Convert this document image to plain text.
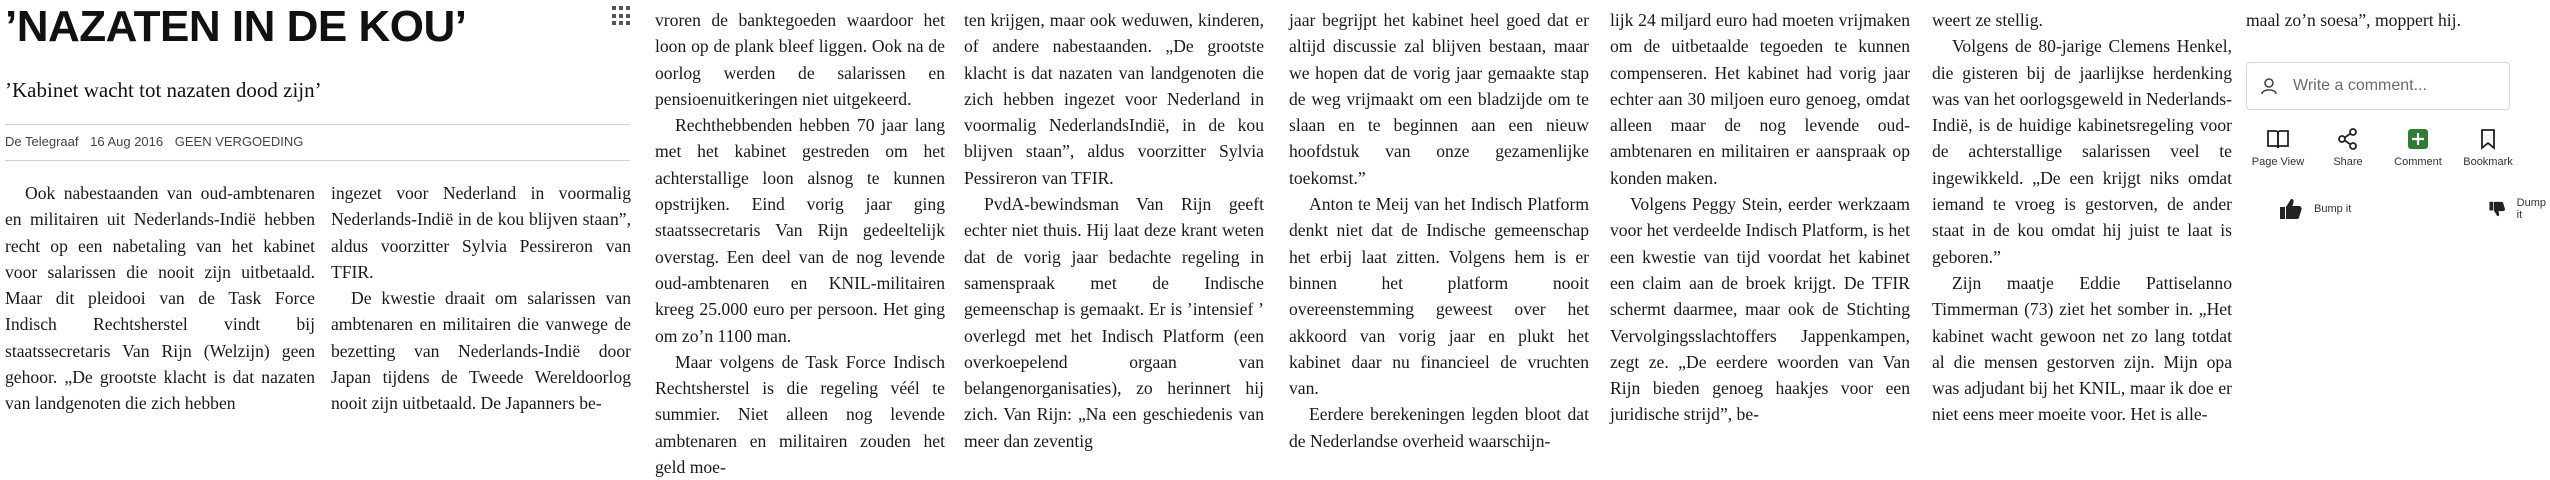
’NAZATEN IN DE KOU’
’Kabinet wacht tot nazaten dood zijn’
De Telegraaf 16 Aug 2016 GEEN VERGOEDING

Ook nabestaanden van oud-ambtenaren en militairen uit Nederlands-Indië hebben recht op een nabetaling van het kabinet voor salarissen die nooit zijn uitbetaald. Maar dit pleidooi van de Task Force Indisch Rechtsherstel vindt bij staatssecretaris Van Rijn (Welzijn) geen gehoor. „De grootste klacht is dat nazaten van landgenoten die zich hebben

ingezet voor Nederland in voormalig Nederlands-Indië in de kou blijven staan”, aldus voorzitter Sylvia Pessireron van TFIR.

De kwestie draait om salarissen van ambtenaren en militairen die vanwege de bezetting van Nederlands-Indië door Japan tijdens de Tweede Wereldoorlog nooit zijn uitbetaald. De Japanners be-

vroren de banktegoeden waardoor het loon op de plank bleef liggen. Ook na de oorlog werden de salarissen en pensioenuitkeringen niet uitgekeerd.

Rechthebbenden hebben 70 jaar lang met het kabinet gestreden om het achterstallige loon alsnog te kunnen opstrijken. Eind vorig jaar ging staatssecretaris Van Rijn gedeeltelijk overstag. Een deel van de nog levende oud-ambtenaren en KNIL-militairen kreeg 25.000 euro per persoon. Het ging om zo’n 1100 man.

Maar volgens de Task Force Indisch Rechtsherstel is die regeling véél te summier. Niet alleen nog levende ambtenaren en militairen zouden het geld moe-

ten krijgen, maar ook weduwen, kinderen, of andere nabestaanden. „De grootste klacht is dat nazaten van landgenoten die zich hebben ingezet voor Nederland in voormalig NederlandsIndië, in de kou blijven staan”, aldus voorzitter Sylvia Pessireron van TFIR.

PvdA-bewindsman Van Rijn geeft echter niet thuis. Hij laat deze krant weten dat de vorig jaar bedachte regeling in samenspraak met de Indische gemeenschap is gemaakt. Er is ’intensief ’ overlegd met het Indisch Platform (een overkoepelend orgaan van belangenorganisaties), zo herinnert hij zich. Van Rijn: „Na een geschiedenis van meer dan zeventig

jaar begrijpt het kabinet heel goed dat er altijd discussie zal blijven bestaan, maar we hopen dat de vorig jaar gemaakte stap de weg vrijmaakt om een bladzijde om te slaan en te beginnen aan een nieuw hoofdstuk van onze gezamenlijke toekomst.”

Anton te Meij van het Indisch Platform denkt niet dat de Indische gemeenschap het erbij laat zitten. Volgens hem is er binnen het platform nooit overeenstemming geweest over het akkoord van vorig jaar en plukt het kabinet daar nu financieel de vruchten van.

Eerdere berekeningen legden bloot dat de Nederlandse overheid waarschijn-

lijk 24 miljard euro had moeten vrijmaken om de uitbetaalde tegoeden te kunnen compenseren. Het kabinet had vorig jaar echter aan 30 miljoen euro genoeg, omdat alleen maar de nog levende oud-ambtenaren en militairen er aanspraak op konden maken.

Volgens Peggy Stein, eerder werkzaam voor het verdeelde Indisch Platform, is het een kwestie van tijd voordat het kabinet een claim aan de broek krijgt. De TFIR schermt daarmee, maar ook de Stichting Vervolgingsslachtoffers Jappenkampen, zegt ze. „De eerdere woorden van Van Rijn bieden genoeg haakjes voor een juridische strijd”, be-

weert ze stellig.

Volgens de 80-jarige Clemens Henkel, die gisteren bij de jaarlijkse herdenking was van het oorlogsgeweld in Nederlands-Indië, is de huidige kabinetsregeling voor de achterstallige salarissen veel te ingewikkeld. „De een krijgt niks omdat iemand te vroeg is gestorven, de ander staat in de kou omdat hij juist te laat is geboren.”

Zijn maatje Eddie Pattiselanno Timmerman (73) ziet het somber in. „Het kabinet wacht gewoon net zo lang totdat al die mensen gestorven zijn. Mijn opa was adjudant bij het KNIL, maar ik doe er niet eens meer moeite voor. Het is alle-

maal zo’n soesa”, moppert hij.
Write a comment...
Page View	Share	Comment	Bookmark
Bump it	Dump it
